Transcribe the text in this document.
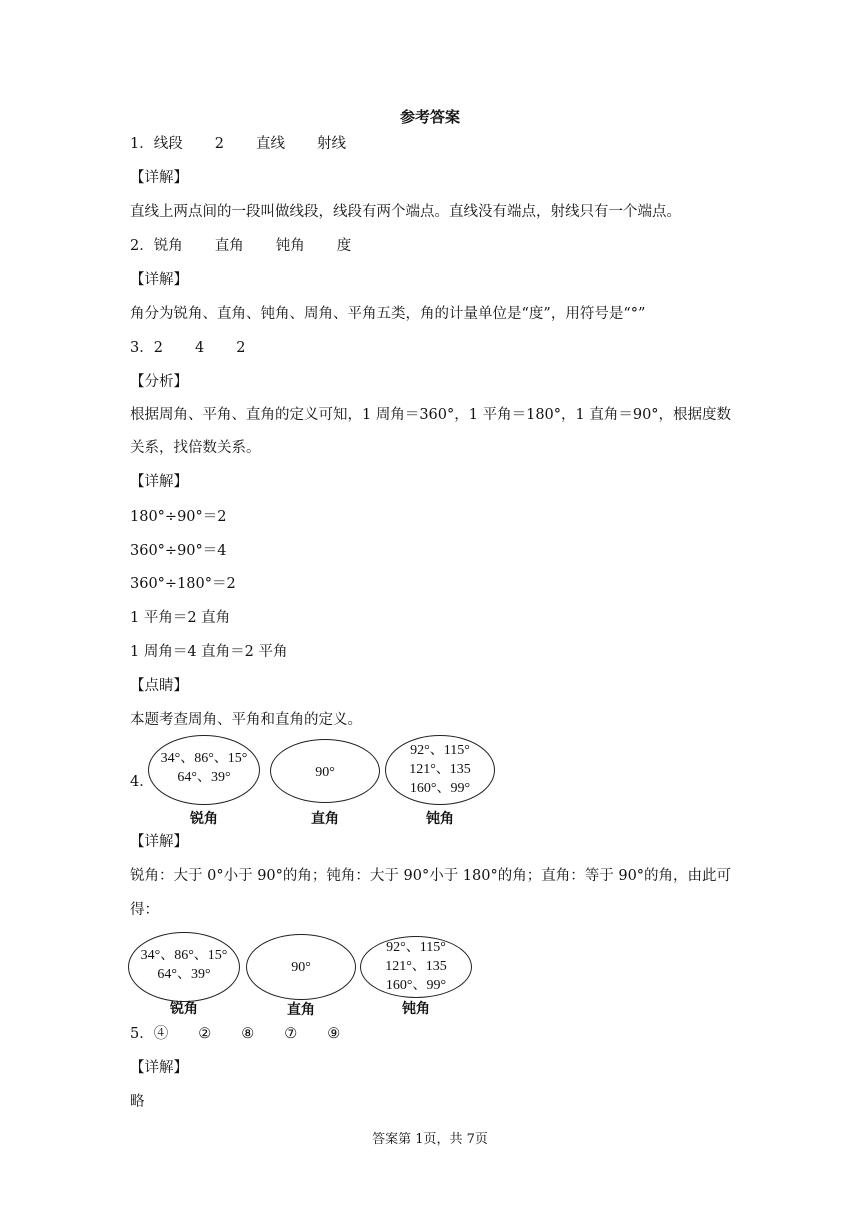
参考答案
1．线段 2 直线 射线
【详解】
直线上两点间的一段叫做线段，线段有两个端点。直线没有端点，射线只有一个端点。
2．锐角 直角 钝角 度
【详解】
角分为锐角、直角、钝角、周角、平角五类，角的计量单位是“度”，用符号是“°”
3．2 4 2
【分析】
根据周角、平角、直角的定义可知，1 周角＝360°，1 平角＝180°，1 直角＝90°，根据度数
关系，找倍数关系。
【详解】
180°÷90°＝2
360°÷90°＝4
360°÷180°＝2
1 平角＝2 直角
1 周角＝4 直角＝2 平角
【点睛】
本题考查周角、平角和直角的定义。
4．
34°、86°、15°
64°、39°
锐角
90°
直角
92°、115°
121°、135
160°、99°
钝角
【详解】
锐角：大于 0°小于 90°的角；钝角：大于 90°小于 180°的角；直角：等于 90°的角，由此可
得：
34°、86°、15°
64°、39°
锐角
90°
直角
92°、115°
121°、135
160°、99°
钝角
5．④ ② ⑧ ⑦ ⑨
【详解】
略
答案第 1页，共 7页
